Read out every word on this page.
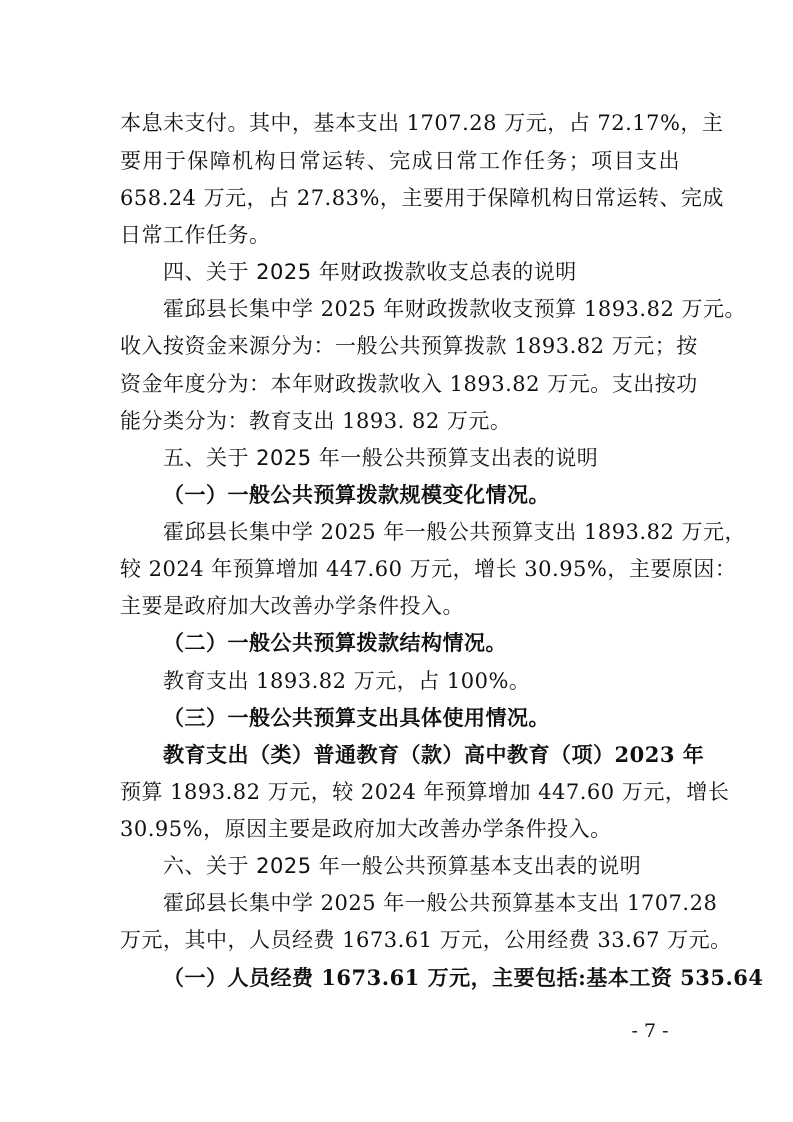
本息未支付。其中，基本支出 1707.28 万元，占 72.17%，主
要用于保障机构日常运转、完成日常工作任务；项目支出
658.24 万元，占 27.83%，主要用于保障机构日常运转、完成
日常工作任务。
四、关于 2025 年财政拨款收支总表的说明
霍邱县长集中学 2025 年财政拨款收支预算 1893.82 万元。
收入按资金来源分为：一般公共预算拨款 1893.82 万元；按
资金年度分为：本年财政拨款收入 1893.82 万元。支出按功
能分类分为：教育支出 1893. 82 万元。
五、关于 2025 年一般公共预算支出表的说明
（一）一般公共预算拨款规模变化情况。
霍邱县长集中学 2025 年一般公共预算支出 1893.82 万元，
较 2024 年预算增加 447.60 万元，增长 30.95%，主要原因：
主要是政府加大改善办学条件投入。
（二）一般公共预算拨款结构情况。
教育支出 1893.82 万元，占 100%。
（三）一般公共预算支出具体使用情况。
教育支出（类）普通教育（款）高中教育（项）2023 年
预算 1893.82 万元，较 2024 年预算增加 447.60 万元，增长
30.95%，原因主要是政府加大改善办学条件投入。
六、关于 2025 年一般公共预算基本支出表的说明
霍邱县长集中学 2025 年一般公共预算基本支出 1707.28
万元，其中，人员经费 1673.61 万元，公用经费 33.67 万元。
（一）人员经费 1673.61 万元，主要包括:基本工资 535.64
- 7 -
